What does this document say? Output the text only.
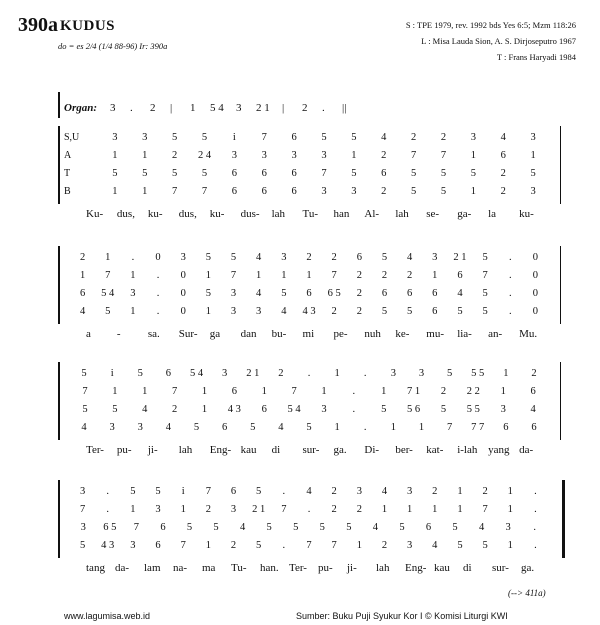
390a KUDUS
do = es 2/4 (1/4 88-96) Ir: 390a
S : TPE 1979, rev. 1992 bds Yes 6:5; Mzm 118:26
L : Misa Lauda Sion, A. S. Dirjoseputro 1967
T : Frans Haryadi 1984
Organ: 3 . 2 | 1 5 4 3 2 1 | 2 . ||
S,U	3 3 5 5 i 7 6 5 5 4 2 2 3 4 3
A	1 1 2 2 4 3 3 3 3 1 2 7 7 1 6 1
T	5 5 5 5 6 6 6 7 5 6 5 5 5 2 5
B	1 1 7 7 6 6 6 3 3 2 5 5 1 2 3
Ku- dus, ku- dus, ku- dus- lah Tu- han Al- lah se- ga- la ku-
2 1 . 0 3 5 5 4 3 2 2 6 5 4 3 2 1 5 . 0
1 7 1 . 0 1 7 1 1 1 7 2 2 2 1 6 7 . 0
6 5 4 3 . 0 5 3 4 5 6 6 5 2 6 6 6 4 5 . 0
4 5 1 . 0 1 3 3 4 4 3 2 2 5 5 6 5 5 . 0
a - sa. Sur- ga dan bu- mi pe- nuh ke- mu- lia- an- Mu.
5 i 5 6 5 4 3 2 1 2 . 1 . 3 3 5 5 5 1 2
7 1 1 7 1 6 1 7 1 . 1 7 1 2 2 2 1 6
5 5 4 2 1 4 3 6 5 4 3 . 5 5 6 5 5 5 3 4
4 3 3 4 5 6 5 4 5 1 . 1 1 7 7 7 6 6
Ter- pu- ji- lah Eng- kau di sur- ga. Di- ber- kat- i-lah yang da-
3 . 5 5 i 7 6 5 . 4 2 3 4 3 2 1 2 1 .
7 . 1 3 1 2 3 2 1 7 . 2 2 1 1 1 1 7 1 .
3 6 5 7 6 5 5 4 5 5 5 5 4 5 6 5 4 3 .
5 4 3 3 6 7 1 2 5 . 7 7 1 2 3 4 5 5 1 .
tang da- lam na- ma Tu- han. Ter- pu- ji- lah Eng- kau di sur- ga.
(--> 411a)
www.lagumisa.web.id	Sumber: Buku Puji Syukur Kor I © Komisi Liturgi KWI
